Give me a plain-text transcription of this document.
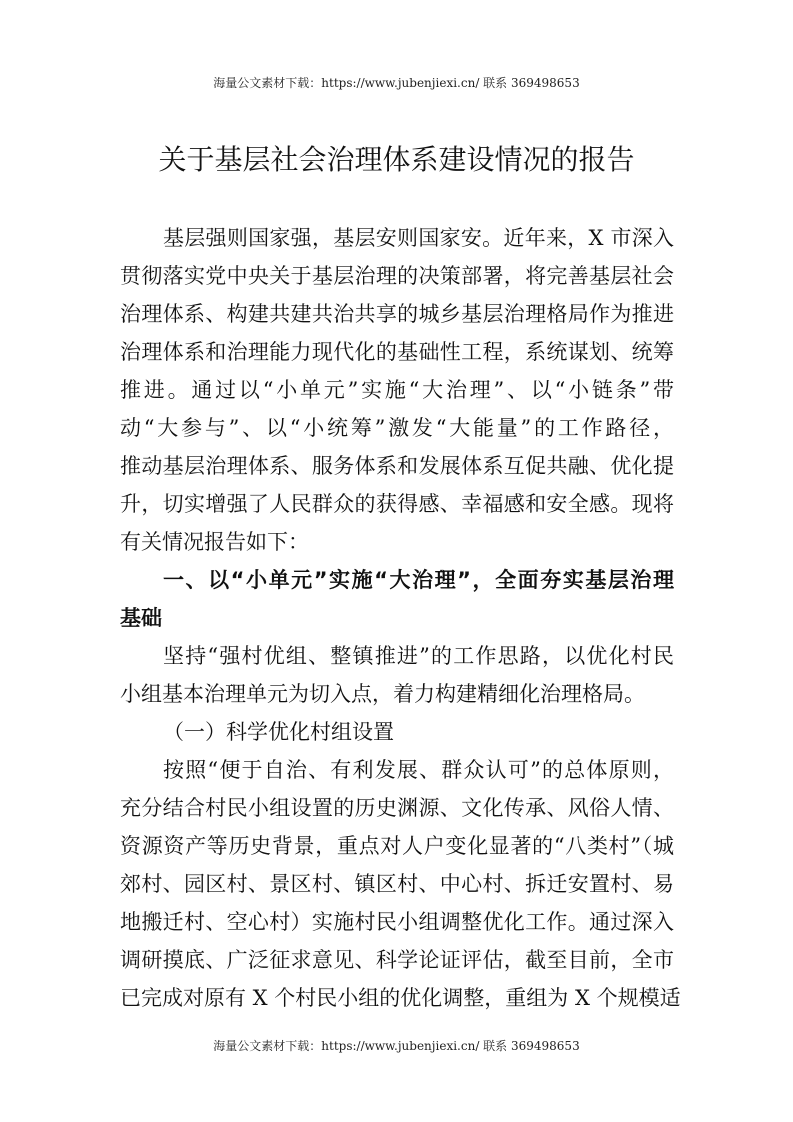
海量公文素材下载：https://www.jubenjiexi.cn/ 联系 369498653
关于基层社会治理体系建设情况的报告
基层强则国家强，基层安则国家安。近年来，X 市深入
贯彻落实党中央关于基层治理的决策部署，将完善基层社会
治理体系、构建共建共治共享的城乡基层治理格局作为推进
治理体系和治理能力现代化的基础性工程，系统谋划、统筹
推进。通过以“小单元”实施“大治理”、以“小链条”带
动“大参与”、以“小统筹”激发“大能量”的工作路径，
推动基层治理体系、服务体系和发展体系互促共融、优化提
升，切实增强了人民群众的获得感、幸福感和安全感。现将
有关情况报告如下：
一、以“小单元”实施“大治理”，全面夯实基层治理
基础
坚持“强村优组、整镇推进”的工作思路，以优化村民
小组基本治理单元为切入点，着力构建精细化治理格局。
（一）科学优化村组设置
按照“便于自治、有利发展、群众认可”的总体原则，
充分结合村民小组设置的历史渊源、文化传承、风俗人情、
资源资产等历史背景，重点对人户变化显著的“八类村”（城
郊村、园区村、景区村、镇区村、中心村、拆迁安置村、易
地搬迁村、空心村）实施村民小组调整优化工作。通过深入
调研摸底、广泛征求意见、科学论证评估，截至目前，全市
已完成对原有 X 个村民小组的优化调整，重组为 X 个规模适
海量公文素材下载：https://www.jubenjiexi.cn/ 联系 369498653
